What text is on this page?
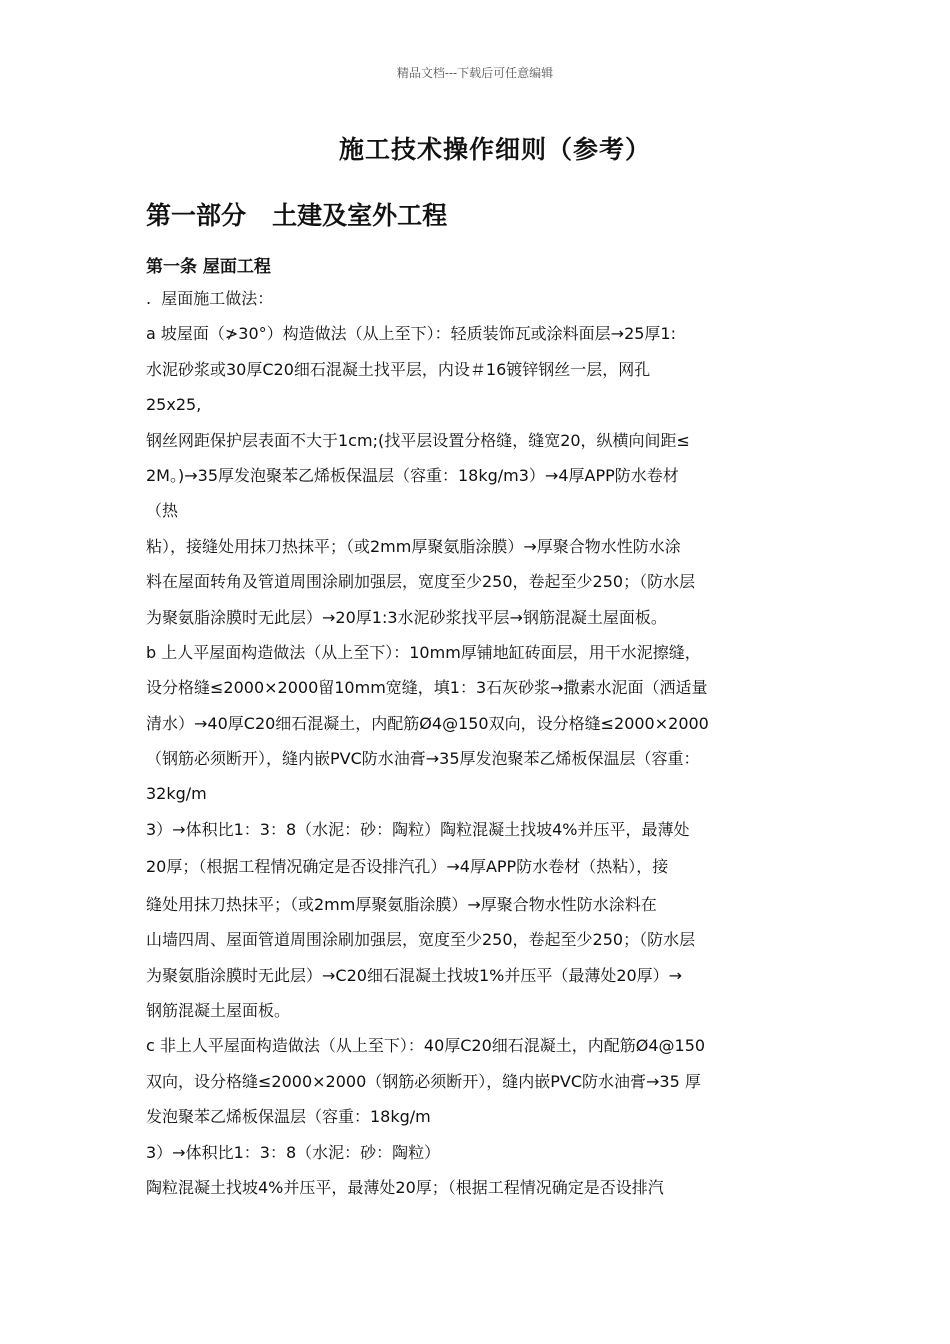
精品文档---下载后可任意编辑
施工技术操作细则（参考）
第一部分   土建及室外工程
第一条 屋面工程
.  屋面施工做法：
a 坡屋面（≯30°）构造做法（从上至下）：轻质装饰瓦或涂料面层→25厚1:
水泥砂浆或30厚C20细石混凝土找平层，内设＃16镀锌钢丝一层，网孔
25x25,
钢丝网距保护层表面不大于1cm;(找平层设置分格缝，缝宽20，纵横向间距≤
2M。)→35厚发泡聚苯乙烯板保温层（容重：18kg/m3）→4厚APP防水卷材
（热
粘），接缝处用抹刀热抹平；（或2mm厚聚氨脂涂膜）→厚聚合物水性防水涂
料在屋面转角及管道周围涂刷加强层，宽度至少250，卷起至少250；（防水层
为聚氨脂涂膜时无此层）→20厚1:3水泥砂浆找平层→钢筋混凝土屋面板。
b 上人平屋面构造做法（从上至下）：10mm厚铺地缸砖面层，用干水泥擦缝，
设分格缝≤2000×2000留10mm宽缝，填1：3石灰砂浆→撒素水泥面（洒适量
清水）→40厚C20细石混凝土，内配筋Ø4@150双向，设分格缝≤2000×2000
（钢筋必须断开），缝内嵌PVC防水油膏→35厚发泡聚苯乙烯板保温层（容重：
32kg/m
3）→体积比1：3：8（水泥：砂：陶粒）陶粒混凝土找坡4%并压平，最薄处
20厚；（根据工程情况确定是否设排汽孔）→4厚APP防水卷材（热粘），接
缝处用抹刀热抹平；（或2mm厚聚氨脂涂膜）→厚聚合物水性防水涂料在
山墙四周、屋面管道周围涂刷加强层，宽度至少250，卷起至少250；（防水层
为聚氨脂涂膜时无此层）→C20细石混凝土找坡1%并压平（最薄处20厚）→
钢筋混凝土屋面板。
c 非上人平屋面构造做法（从上至下）：40厚C20细石混凝土，内配筋Ø4@150
双向，设分格缝≤2000×2000（钢筋必须断开），缝内嵌PVC防水油膏→35 厚
发泡聚苯乙烯板保温层（容重：18kg/m
3）→体积比1：3：8（水泥：砂：陶粒）
陶粒混凝土找坡4%并压平，最薄处20厚；（根据工程情况确定是否设排汽
